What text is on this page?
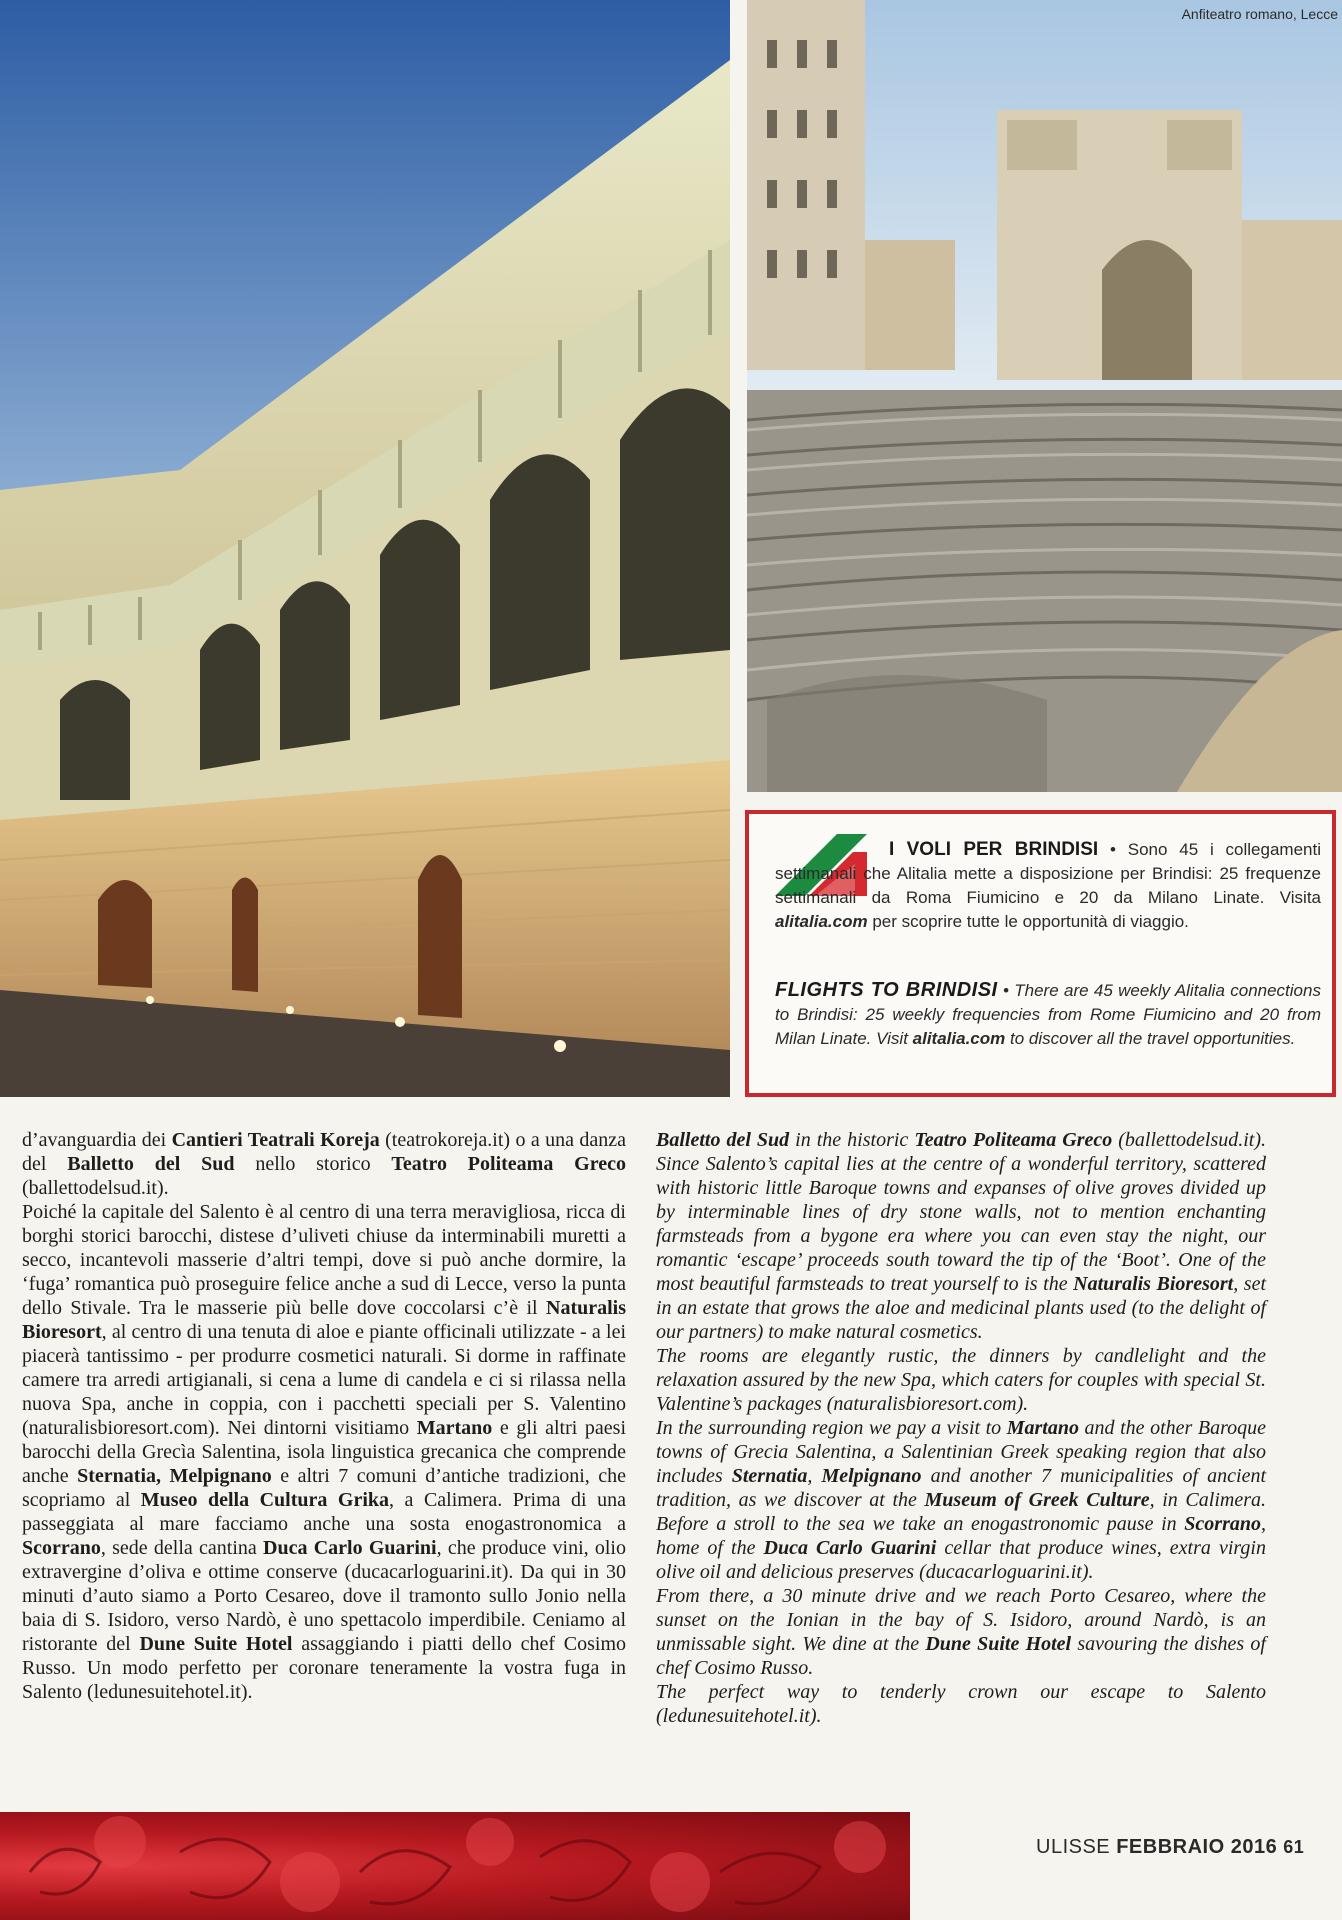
Anfiteatro romano, Lecce
I VOLI PER BRINDISI • Sono 45 i collegamenti settimanali che Alitalia mette a disposizione per Brindisi: 25 frequenze settimanali da Roma Fiumicino e 20 da Milano Linate. Visita alitalia.com per scoprire tutte le opportunità di viaggio.
FLIGHTS TO BRINDISI • There are 45 weekly Alitalia connections to Brindisi: 25 weekly frequencies from Rome Fiumicino and 20 from Milan Linate. Visit alitalia.com to discover all the travel opportunities.

d’avanguardia dei Cantieri Teatrali Koreja (teatrokoreja.it) o a una danza del Balletto del Sud nello storico Teatro Politeama Greco (ballettodelsud.it).

Poiché la capitale del Salento è al centro di una terra meravigliosa, ricca di borghi storici barocchi, distese d’uliveti chiuse da interminabili muretti a secco, incantevoli masserie d’altri tempi, dove si può anche dormire, la ‘fuga’ romantica può proseguire felice anche a sud di Lecce, verso la punta dello Stivale. Tra le masserie più belle dove coccolarsi c’è il Naturalis Bioresort, al centro di una tenuta di aloe e piante officinali utilizzate - a lei piacerà tantissimo - per produrre cosmetici naturali. Si dorme in raffinate camere tra arredi artigianali, si cena a lume di candela e ci si rilassa nella nuova Spa, anche in coppia, con i pacchetti speciali per S. Valentino (naturalisbioresort.com). Nei dintorni visitiamo Martano e gli altri paesi barocchi della Grecìa Salentina, isola linguistica grecanica che comprende anche Sternatia, Melpignano e altri 7 comuni d’antiche tradizioni, che scopriamo al Museo della Cultura Grika, a Calimera. Prima di una passeggiata al mare facciamo anche una sosta enogastronomica a Scorrano, sede della cantina Duca Carlo Guarini, che produce vini, olio extravergine d’oliva e ottime conserve (ducacarloguarini.it). Da qui in 30 minuti d’auto siamo a Porto Cesareo, dove il tramonto sullo Jonio nella baia di S. Isidoro, verso Nardò, è uno spettacolo imperdibile. Ceniamo al ristorante del Dune Suite Hotel assaggiando i piatti dello chef Cosimo Russo. Un modo perfetto per coronare teneramente la vostra fuga in Salento (ledunesuitehotel.it).

Balletto del Sud in the historic Teatro Politeama Greco (ballettodelsud.it). Since Salento’s capital lies at the centre of a wonderful territory, scattered with historic little Baroque towns and expanses of olive groves divided up by interminable lines of dry stone walls, not to mention enchanting farmsteads from a bygone era where you can even stay the night, our romantic ‘escape’ proceeds south toward the tip of the ‘Boot’. One of the most beautiful farmsteads to treat yourself to is the Naturalis Bioresort, set in an estate that grows the aloe and medicinal plants used (to the delight of our partners) to make natural cosmetics.

The rooms are elegantly rustic, the dinners by candlelight and the relaxation assured by the new Spa, which caters for couples with special St. Valentine’s packages (naturalisbioresort.com).

In the surrounding region we pay a visit to Martano and the other Baroque towns of Grecia Salentina, a Salentinian Greek speaking region that also includes Sternatia, Melpignano and another 7 municipalities of ancient tradition, as we discover at the Museum of Greek Culture, in Calimera. Before a stroll to the sea we take an enogastronomic pause in Scorrano, home of the Duca Carlo Guarini cellar that produce wines, extra virgin olive oil and delicious preserves (ducacarloguarini.it).

From there, a 30 minute drive and we reach Porto Cesareo, where the sunset on the Ionian in the bay of S. Isidoro, around Nardò, is an unmissable sight. We dine at the Dune Suite Hotel savouring the dishes of chef Cosimo Russo.

The perfect way to tenderly crown our escape to Salento (ledunesuitehotel.it).

ULISSE FEBBRAIO 2016 61
